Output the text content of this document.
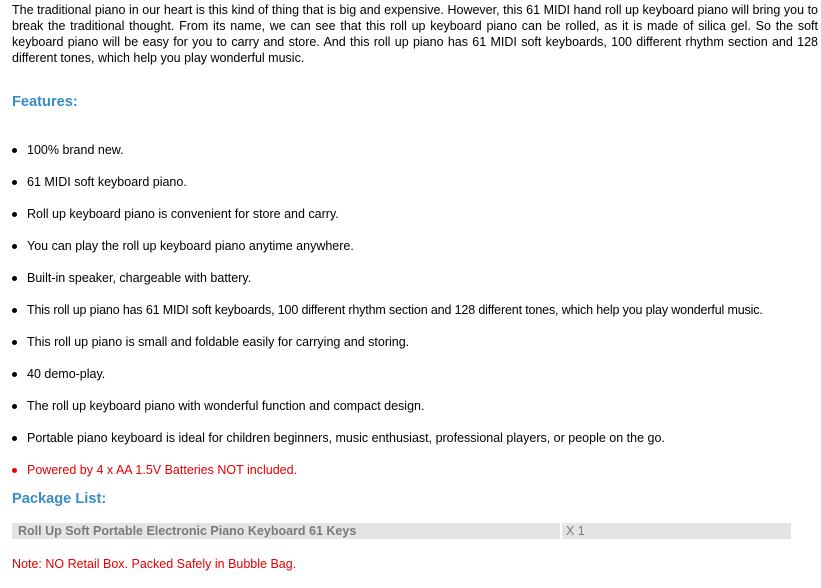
The traditional piano in our heart is this kind of thing that is big and expensive. However, this 61 MIDI hand roll up keyboard piano will bring you to break the traditional thought. From its name, we can see that this roll up keyboard piano can be rolled, as it is made of silica gel. So the soft keyboard piano will be easy for you to carry and store. And this roll up piano has 61 MIDI soft keyboards, 100 different rhythm section and 128 different tones, which help you play wonderful music.

Features:
100% brand new.
61 MIDI soft keyboard piano.
Roll up keyboard piano is convenient for store and carry.
You can play the roll up keyboard piano anytime anywhere.
Built-in speaker, chargeable with battery.
This roll up piano has 61 MIDI soft keyboards, 100 different rhythm section and 128 different tones, which help you play wonderful music.
This roll up piano is small and foldable easily for carrying and storing.
40 demo-play.
The roll up keyboard piano with wonderful function and compact design.
Portable piano keyboard is ideal for children beginners, music enthusiast, professional players, or people on the go.
Powered by 4 x AA 1.5V Batteries NOT included.
Package List:
Roll Up Soft Portable Electronic Piano Keyboard 61 Keys	X 1

Note: NO Retail Box. Packed Safely in Bubble Bag.
